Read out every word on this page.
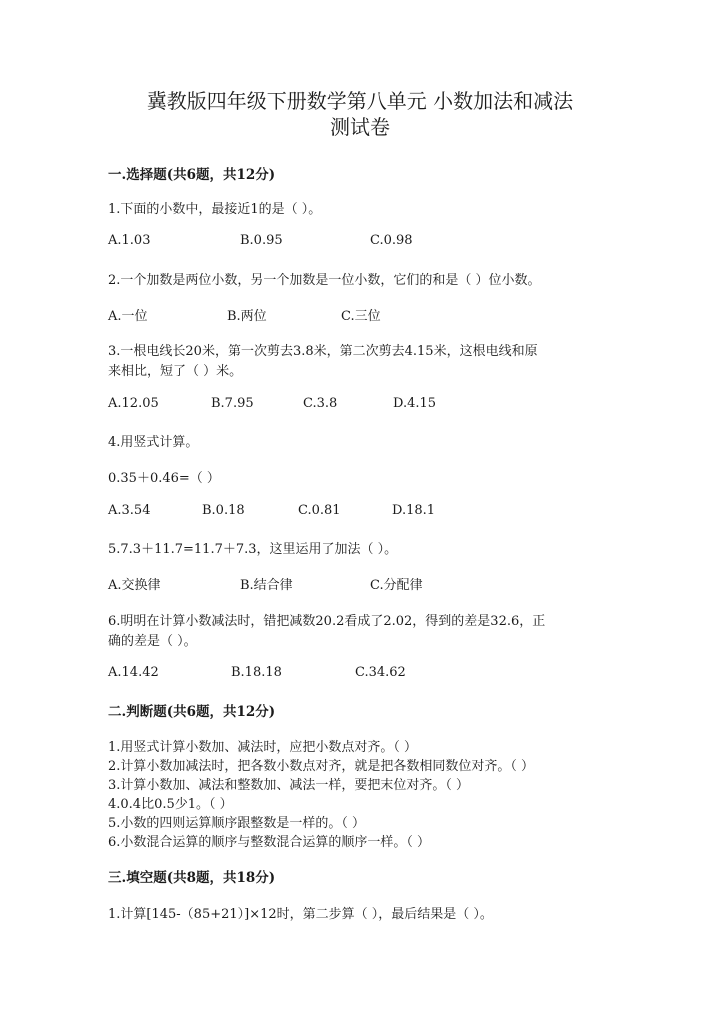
冀教版四年级下册数学第八单元 小数加法和减法
测试卷
一.选择题(共6题，共12分)
1.下面的小数中，最接近1的是（ ）。
A.1.03	B.0.95	C.0.98
2.一个加数是两位小数，另一个加数是一位小数，它们的和是（ ）位小数。
A.一位	B.两位	C.三位
3.一根电线长20米，第一次剪去3.8米，第二次剪去4.15米，这根电线和原
来相比，短了（ ）米。
A.12.05	B.7.95	C.3.8	D.4.15
4.用竖式计算。
0.35＋0.46=（ ）
A.3.54	B.0.18	C.0.81	D.18.1
5.7.3＋11.7=11.7＋7.3，这里运用了加法（ ）。
A.交换律	B.结合律	C.分配律
6.明明在计算小数减法时，错把减数20.2看成了2.02，得到的差是32.6，正
确的差是（ ）。
A.14.42	B.18.18	C.34.62
二.判断题(共6题，共12分)
1.用竖式计算小数加、减法时，应把小数点对齐。（ ）
2.计算小数加减法时，把各数小数点对齐，就是把各数相同数位对齐。（ ）
3.计算小数加、减法和整数加、减法一样，要把末位对齐。（ ）
4.0.4比0.5少1。（ ）
5.小数的四则运算顺序跟整数是一样的。（ ）
6.小数混合运算的顺序与整数混合运算的顺序一样。（ ）
三.填空题(共8题，共18分)
1.计算[145-（85+21）]×12时，第二步算（ ），最后结果是（ ）。
